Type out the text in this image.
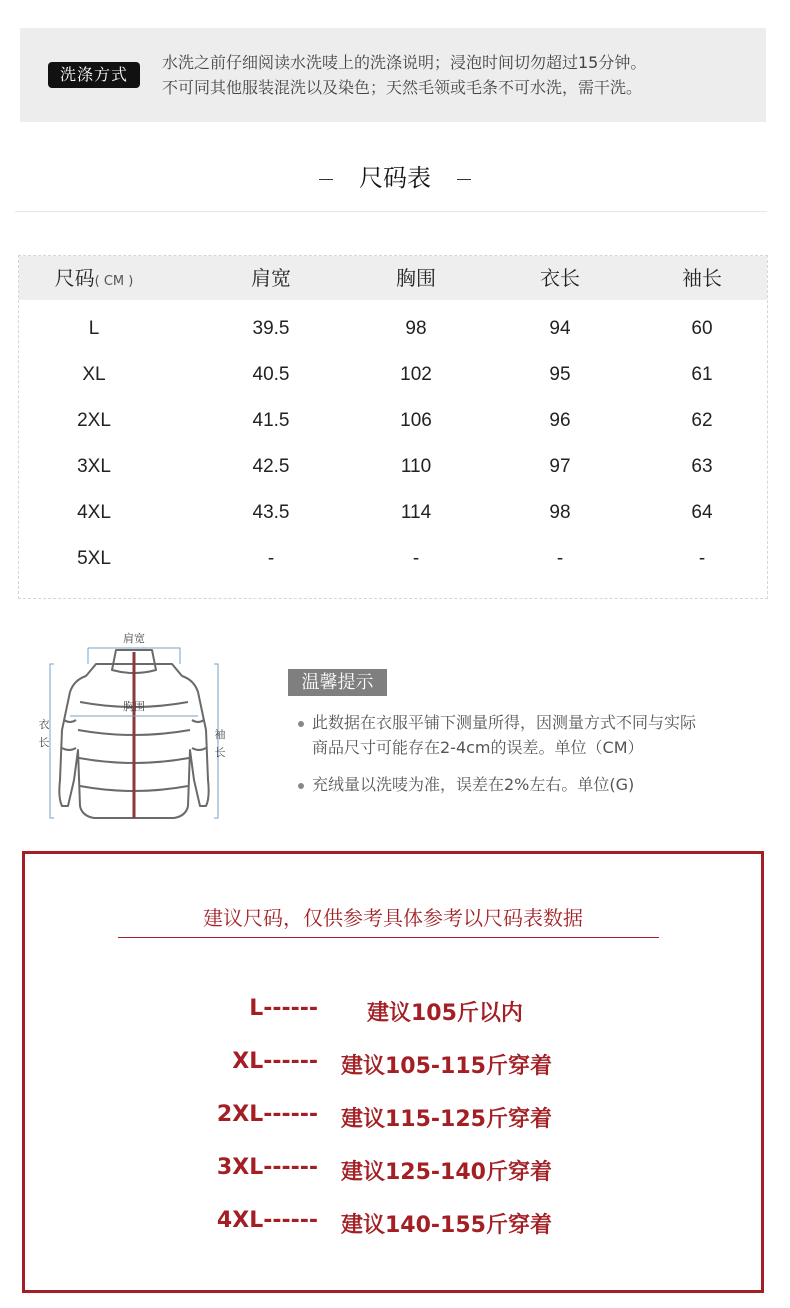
洗涤方式
水洗之前仔细阅读水洗唛上的洗涤说明；浸泡时间切勿超过15分钟。
不可同其他服装混洗以及染色；天然毛领或毛条不可水洗，需干洗。
尺码表
尺码( CM )	肩宽	胸围	衣长	袖长
L	39.5	98	94	60
XL	40.5	102	95	61
2XL	41.5	106	96	62
3XL	42.5	110	97	63
4XL	43.5	114	98	64
5XL	-	-	-	-
肩宽
胸围
衣
长
袖
长
温馨提示
此数据在衣服平铺下测量所得，因测量方式不同与实际
商品尺寸可能存在2-4cm的误差。单位（CM）
充绒量以洗唛为准，误差在2%左右。单位(G)
建议尺码，仅供参考具体参考以尺码表数据
L------ 建议105斤以内
XL------ 建议105-115斤穿着
2XL------ 建议115-125斤穿着
3XL------ 建议125-140斤穿着
4XL------ 建议140-155斤穿着
